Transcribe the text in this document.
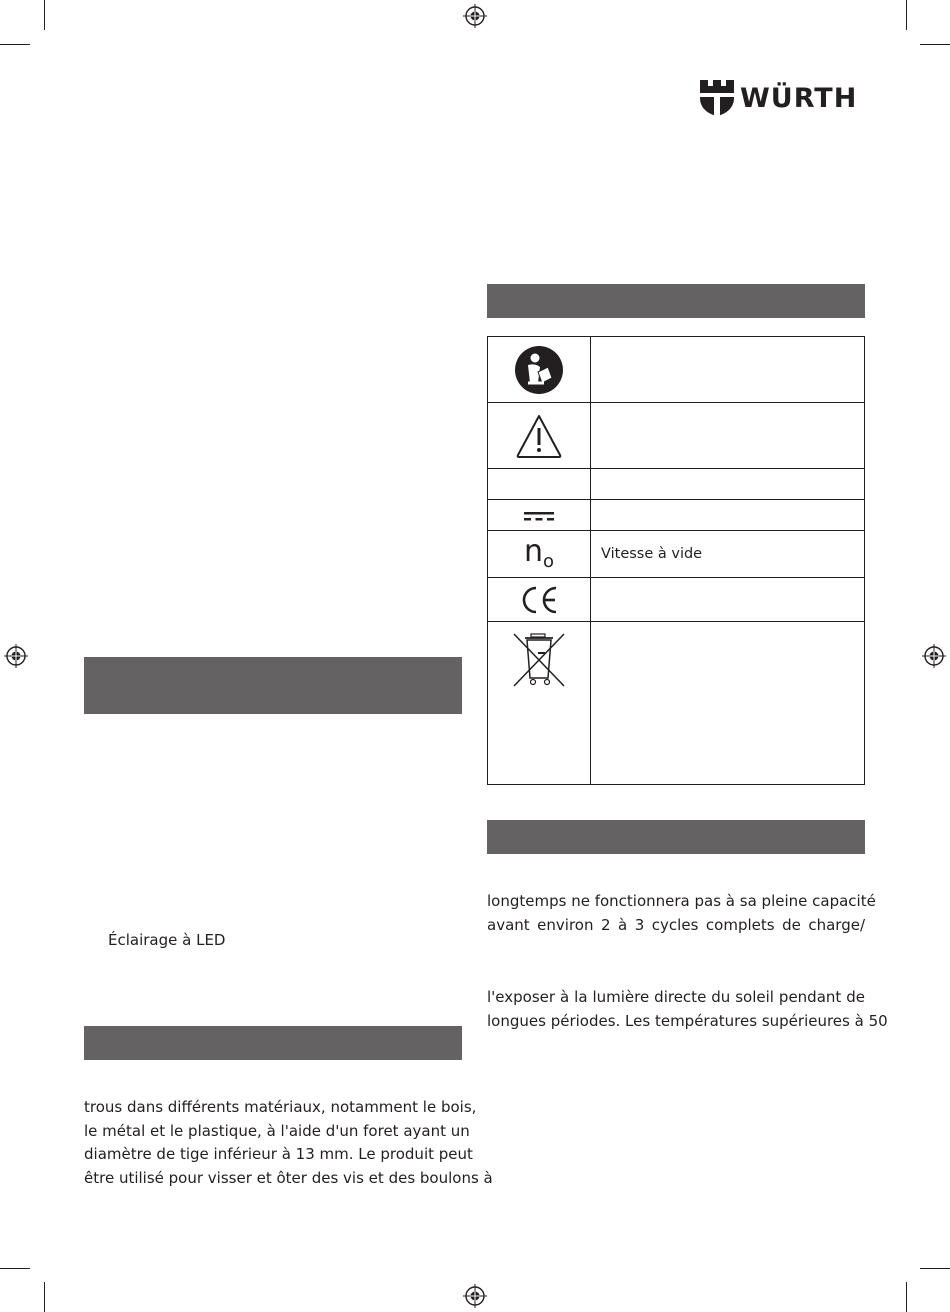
WÜRTH

no	Vitesse à vide

Éclairage à LED
trous dans différents matériaux, notamment le bois,
le métal et le plastique, à l'aide d'un foret ayant un
diamètre de tige inférieur à 13 mm. Le produit peut
être utilisé pour visser et ôter des vis et des boulons à
longtemps ne fonctionnera pas à sa pleine capacité
avant environ 2 à 3 cycles complets de charge/
l'exposer à la lumière directe du soleil pendant de
longues périodes. Les températures supérieures à 50
